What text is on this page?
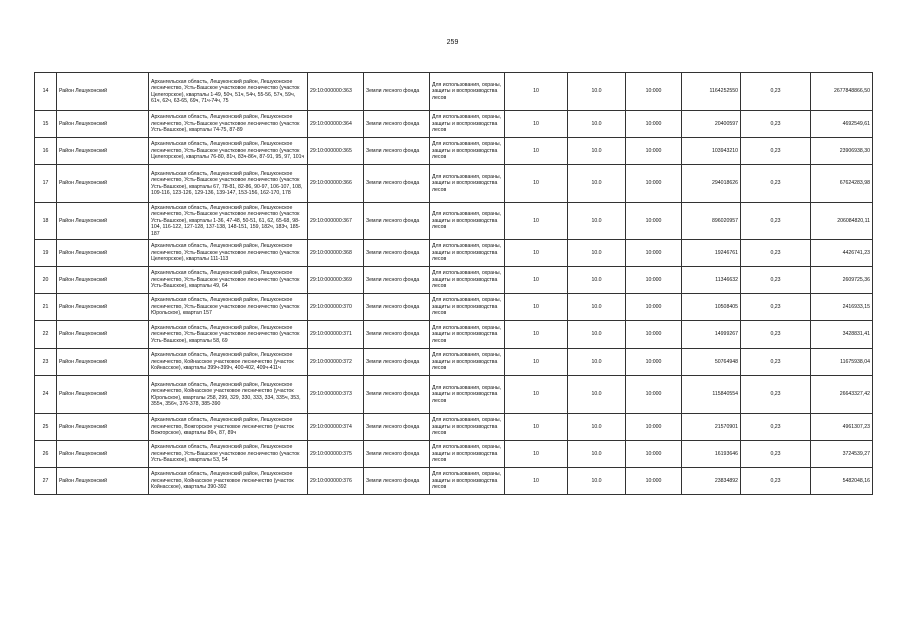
259
14	Район Лешуконский	Архангельская область, Лешуконский район, Лешуконское лесничество, Усть-Вашское участковое лесничество (участок Целегорское), кварталы 1-49, 50ч, 51ч, 54ч, 55-56, 57ч, 59ч, 61ч, 62ч, 63-65, 69ч, 71ч-74ч, 75	29:10:000000:363	Земли лесного фонда	Для использования, охраны, защиты и воспроизводства лесов	10	10.0	10:000	1164252550	0,23	2677848866,50
15	Район Лешуконский	Архангельская область, Лешуконский район, Лешуконское лесничество, Усть-Вашское участковое лесничество (участок Усть-Вашское), кварталы 74-75, 87-89	29:10:000000:364	Земли лесного фонда	Для использования, охраны, защиты и воспроизводства лесов	10	10.0	10:000	20400597	0,23	4692549,61
16	Район Лешуконский	Архангельская область, Лешуконский район, Лешуконское лесничество, Усть-Вашское участковое лесничество (участок Целегорское), кварталы 76-80, 81ч, 83ч-86ч, 87-91, 95, 97, 101ч	29:10:000000:365	Земли лесного фонда	Для использования, охраны, защиты и воспроизводства лесов	10	10.0	10:000	103943210	0,23	23906938,30
17	Район Лешуконский	Архангельская область, Лешуконский район, Лешуконское лесничество, Усть-Вашское участковое лесничество (участок Усть-Вашское), кварталы 67, 78-81, 82-86, 90-97, 106-107, 108, 109-116, 123-126, 129-136, 139-147, 153-156, 162-170, 178	29:10:000000:366	Земли лесного фонда	Для использования, охраны, защиты и воспроизводства лесов	10	10.0	10:000	294018626	0,23	67624283,98
18	Район Лешуконский	Архангельская область, Лешуконский район, Лешуконское лесничество, Усть-Вашское участковое лесничество (участок Усть-Вашское), кварталы 1-36, 47-48, 50-51, 61, 62, 65-68, 98-104, 116-122, 127-128, 137-138, 148-151, 159, 182ч, 183ч, 185-187	29:10:000000:367	Земли лесного фонда	Для использования, охраны, защиты и воспроизводства лесов	10	10.0	10:000	896020957	0,23	206084820,11
19	Район Лешуконский	Архангельская область, Лешуконский район, Лешуконское лесничество, Усть-Вашское участковое лесничество (участок Целегорское), кварталы 111-113	29:10:000000:368	Земли лесного фонда	Для использования, охраны, защиты и воспроизводства лесов	10	10.0	10:000	19246761	0,23	4426741,23
20	Район Лешуконский	Архангельская область, Лешуконский район, Лешуконское лесничество, Усть-Вашское участковое лесничество (участок Усть-Вашское), кварталы 49, 64	29:10:000000:369	Земли лесного фонда	Для использования, охраны, защиты и воспроизводства лесов	10	10.0	10:000	11346632	0,23	2609725,36
21	Район Лешуконский	Архангельская область, Лешуконский район, Лешуконское лесничество, Усть-Вашское участковое лесничество (участок Юрольское), квартал 157	29:10:000000:370	Земли лесного фонда	Для использования, охраны, защиты и воспроизводства лесов	10	10.0	10:000	10508405	0,23	2416933,15
22	Район Лешуконский	Архангельская область, Лешуконский район, Лешуконское лесничество, Усть-Вашское участковое лесничество (участок Усть-Вашское), кварталы 58, 69	29:10:000000:371	Земли лесного фонда	Для использования, охраны, защиты и воспроизводства лесов	10	10.0	10:000	14999267	0,23	3428831,41
23	Район Лешуконский	Архангельская область, Лешуконский район, Лешуконское лесничество, Койнасское участковое лесничество (участок Койнасское), кварталы 399ч-399ч, 400-402, 409ч-411ч	29:10:000000:372	Земли лесного фонда	Для использования, охраны, защиты и воспроизводства лесов	10	10.0	10:000	50764948	0,23	11675938,04
24	Район Лешуконский	Архангельская область, Лешуконский район, Лешуконское лесничество, Койнасское участковое лесничество (участок Юрольское), кварталы 258, 299, 329, 330, 333, 334, 335ч, 353, 355ч, 356ч, 376-378, 385-390	29:10:000000:373	Земли лесного фонда	Для использования, охраны, защиты и воспроизводства лесов	10	10.0	10:000	115840554	0,23	26643327,42
25	Район Лешуконский	Архангельская область, Лешуконский район, Лешуконское лесничество, Вожгорское участковое лесничество (участок Вожгорское), кварталы 86ч, 87, 89ч	29:10:000000:374	Земли лесного фонда	Для использования, охраны, защиты и воспроизводства лесов	10	10.0	10:000	21570901	0,23	4961307,23
26	Район Лешуконский	Архангельская область, Лешуконский район, Лешуконское лесничество, Усть-Вашское участковое лесничество (участок Усть-Вашское), кварталы 53, 54	29:10:000000:375	Земли лесного фонда	Для использования, охраны, защиты и воспроизводства лесов	10	10.0	10:000	16193646	0,23	3724539,27
27	Район Лешуконский	Архангельская область, Лешуконский район, Лешуконское лесничество, Койнасское участковое лесничество (участок Койнасское), кварталы 390-392	29:10:000000:376	Земли лесного фонда	Для использования, охраны, защиты и воспроизводства лесов	10	10.0	10:000	23834892	0,23	5482048,16
